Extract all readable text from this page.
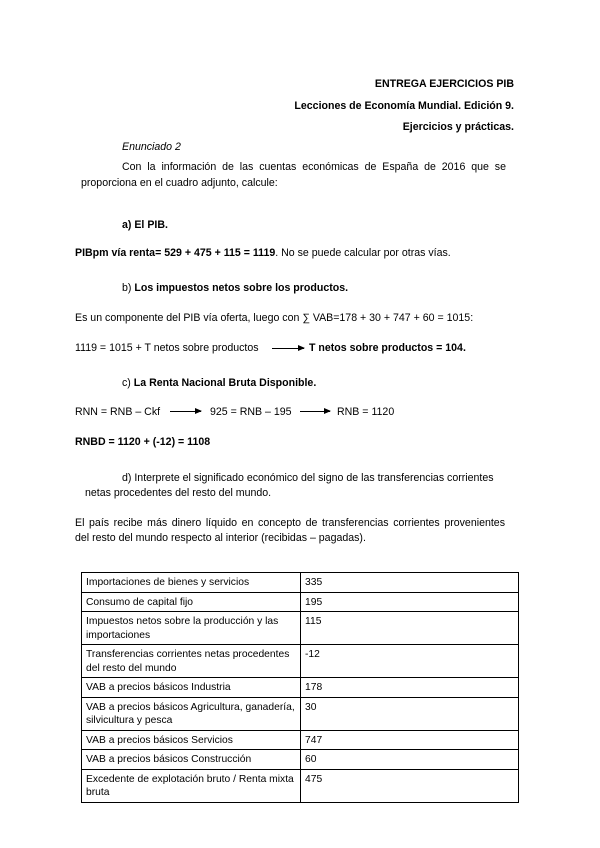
ENTREGA EJERCICIOS PIB
Lecciones de Economía Mundial. Edición 9.
Ejercicios y prácticas.
Enunciado 2
Con la información de las cuentas económicas de España de 2016 que se
proporciona en el cuadro adjunto, calcule:
a) El PIB.
PIBpm vía renta= 529 + 475 + 115 = 1119. No se puede calcular por otras vías.
b) Los impuestos netos sobre los productos.
Es un componente del PIB vía oferta, luego con ∑ VAB=178 + 30 + 747 + 60 = 1015:
1119 = 1015 + T netos sobre productos	T netos sobre productos = 104.
c) La Renta Nacional Bruta Disponible.
RNN = RNB – Ckf	925 = RNB – 195	RNB = 1120
RNBD = 1120 + (-12) = 1108
d) Interprete el significado económico del signo de las transferencias corrientes
netas procedentes del resto del mundo.
El país recibe más dinero líquido en concepto de transferencias corrientes provenientes
del resto del mundo respecto al interior (recibidas – pagadas).
Importaciones de bienes y servicios	335
Consumo de capital fijo	195
Impuestos netos sobre la producción y las importaciones	115
Transferencias corrientes netas procedentes del resto del mundo	-12
VAB a precios básicos Industria	178
VAB a precios básicos Agricultura, ganadería, silvicultura y pesca	30
VAB a precios básicos Servicios	747
VAB a precios básicos Construcción	60
Excedente de explotación bruto / Renta mixta bruta	475
